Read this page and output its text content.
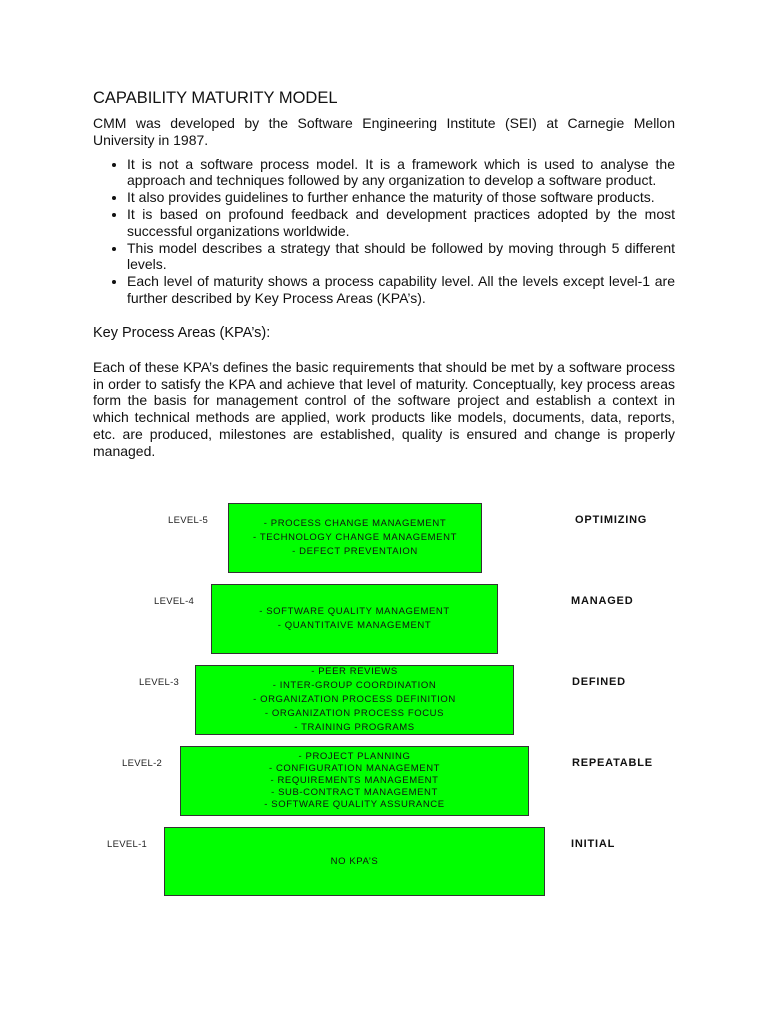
CAPABILITY MATURITY MODEL

CMM was developed by the Software Engineering Institute (SEI) at Carnegie Mellon University in 1987.

• It is not a software process model. It is a framework which is used to analyse the approach and techniques followed by any organization to develop a software product.
• It also provides guidelines to further enhance the maturity of those software products.
• It is based on profound feedback and development practices adopted by the most successful organizations worldwide.
• This model describes a strategy that should be followed by moving through 5 different levels.
• Each level of maturity shows a process capability level. All the levels except level-1 are further described by Key Process Areas (KPA’s).
Key Process Areas (KPA’s):

Each of these KPA’s defines the basic requirements that should be met by a software process in order to satisfy the KPA and achieve that level of maturity. Conceptually, key process areas form the basis for management control of the software project and establish a context in which technical methods are applied, work products like models, documents, data, reports, etc. are produced, milestones are established, quality is ensured and change is properly managed.

LEVEL-5	- PROCESS CHANGE MANAGEMENT
- TECHNOLOGY CHANGE MANAGEMENT
- DEFECT PREVENTAION
OPTIMIZING
LEVEL-4
- SOFTWARE QUALITY MANAGEMENT
- QUANTITAIVE MANAGEMENT
MANAGED
LEVEL-3
- PEER REVIEWS
- INTER-GROUP COORDINATION
- ORGANIZATION PROCESS DEFINITION
- ORGANIZATION PROCESS FOCUS
- TRAINING PROGRAMS
DEFINED
LEVEL-2
- PROJECT PLANNING
- CONFIGURATION MANAGEMENT
- REQUIREMENTS MANAGEMENT
- SUB-CONTRACT MANAGEMENT
- SOFTWARE QUALITY ASSURANCE
REPEATABLE
LEVEL-1
NO KPA’S
INITIAL
